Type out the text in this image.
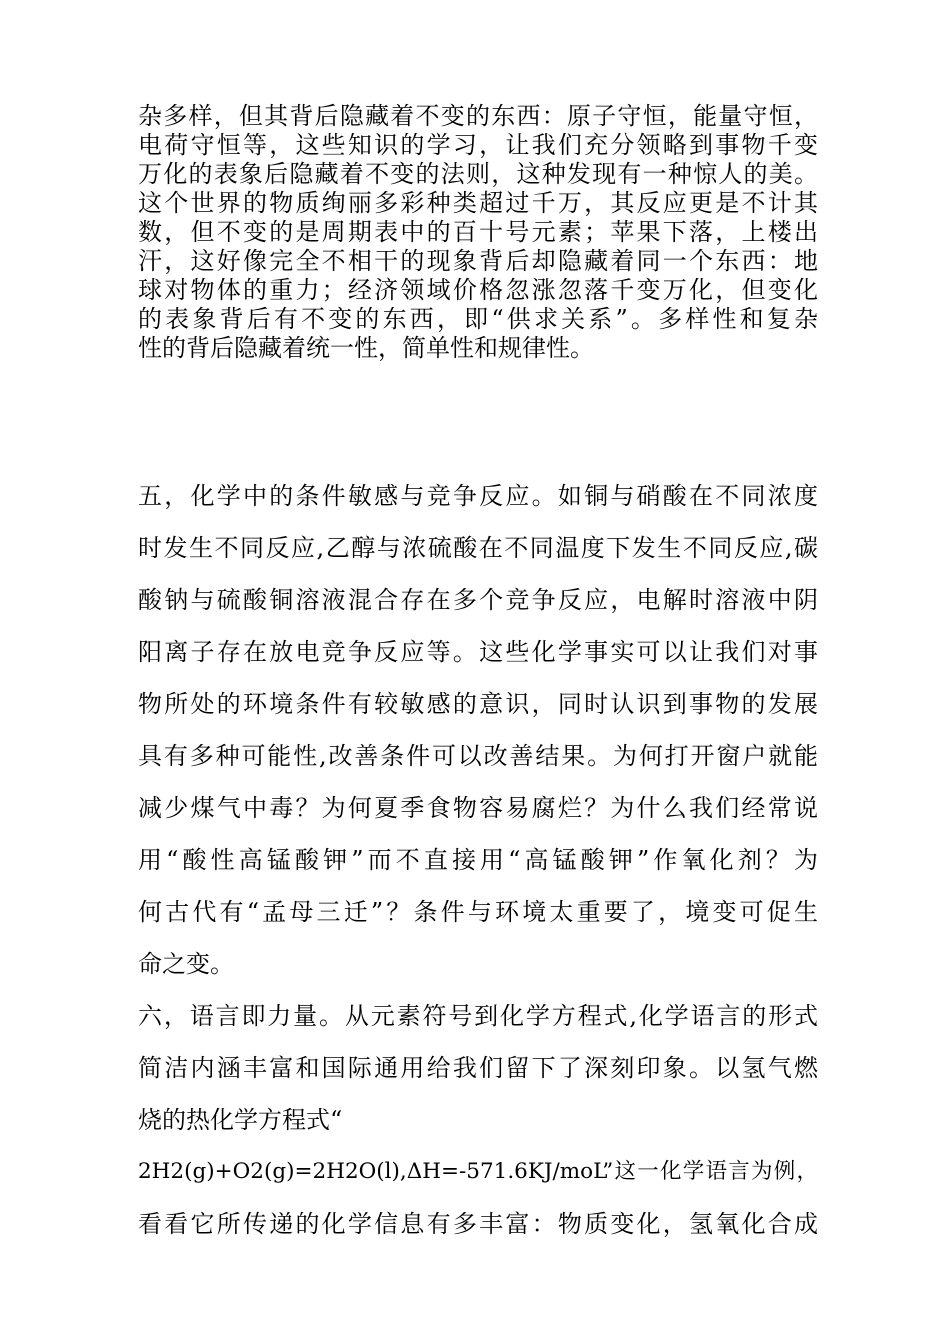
杂多样，但其背后隐藏着不变的东西：原子守恒，能量守恒，
电荷守恒等，这些知识的学习，让我们充分领略到事物千变
万化的表象后隐藏着不变的法则，这种发现有一种惊人的美。
这个世界的物质绚丽多彩种类超过千万，其反应更是不计其
数，但不变的是周期表中的百十号元素；苹果下落，上楼出
汗，这好像完全不相干的现象背后却隐藏着同一个东西：地
球对物体的重力；经济领域价格忽涨忽落千变万化，但变化
的表象背后有不变的东西，即“供求关系”。多样性和复杂
性的背后隐藏着统一性，简单性和规律性。
五，化学中的条件敏感与竞争反应。如铜与硝酸在不同浓度
时发生不同反应,乙醇与浓硫酸在不同温度下发生不同反应,碳
酸钠与硫酸铜溶液混合存在多个竞争反应，电解时溶液中阴
阳离子存在放电竞争反应等。这些化学事实可以让我们对事
物所处的环境条件有较敏感的意识，同时认识到事物的发展
具有多种可能性,改善条件可以改善结果。为何打开窗户就能
减少煤气中毒？为何夏季食物容易腐烂？为什么我们经常说
用“酸性高锰酸钾”而不直接用“高锰酸钾”作氧化剂？为
何古代有“孟母三迁”？条件与环境太重要了，境变可促生
命之变。
六，语言即力量。从元素符号到化学方程式,化学语言的形式
简洁内涵丰富和国际通用给我们留下了深刻印象。以氢气燃
烧的热化学方程式“
2H2(g)+O2(g)=2H2O(l),ΔH=-571.6KJ/moL”这一化学语言为例，
看看它所传递的化学信息有多丰富：物质变化，氢氧化合成
